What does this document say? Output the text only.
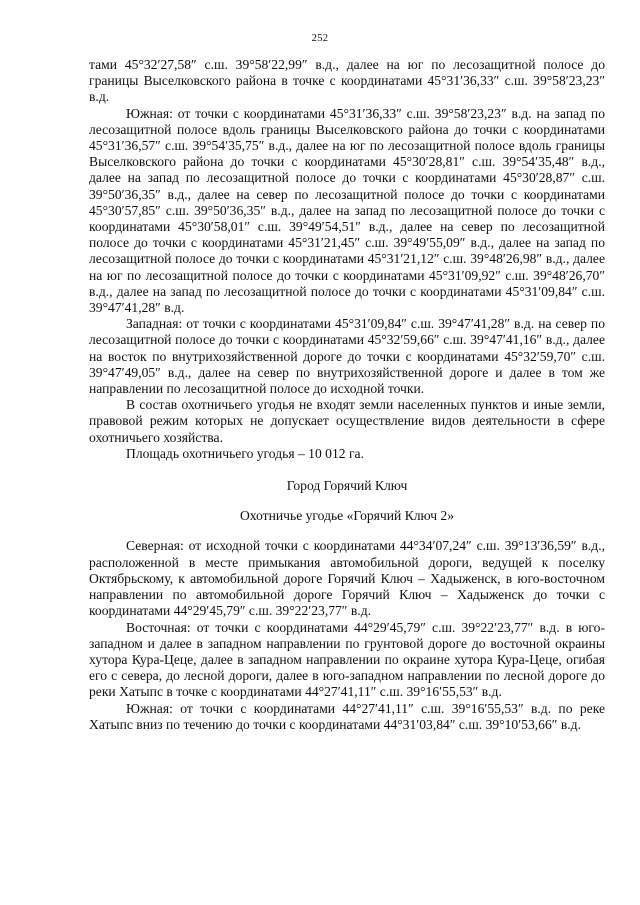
252

тами 45°32′27,58″ с.ш. 39°58′22,99″ в.д., далее на юг по лесозащитной полосе до границы Выселковского района в точке с координатами 45°31′36,33″ с.ш. 39°58′23,23″ в.д.

Южная: от точки с координатами 45°31′36,33″ с.ш. 39°58′23,23″ в.д. на запад по лесозащитной полосе вдоль границы Выселковского района до точки с координатами 45°31′36,57″ с.ш. 39°54′35,75″ в.д., далее на юг по лесозащитной полосе вдоль границы Выселковского района до точки с координатами 45°30′28,81″ с.ш. 39°54′35,48″ в.д., далее на запад по лесозащитной полосе до точки с координатами 45°30′28,87″ с.ш. 39°50′36,35″ в.д., далее на север по лесозащитной полосе до точки с координатами 45°30′57,85″ с.ш. 39°50′36,35″ в.д., далее на запад по лесозащитной полосе до точки с координатами 45°30′58,01″ с.ш. 39°49′54,51″ в.д., далее на север по лесозащитной полосе до точки с координатами 45°31′21,45″ с.ш. 39°49′55,09″ в.д., далее на запад по лесозащитной полосе до точки с координатами 45°31′21,12″ с.ш. 39°48′26,98″ в.д., далее на юг по лесозащитной полосе до точки с координатами 45°31′09,92″ с.ш. 39°48′26,70″ в.д., далее на запад по лесозащитной полосе до точки с координатами 45°31′09,84″ с.ш. 39°47′41,28″ в.д.

Западная: от точки с координатами 45°31′09,84″ с.ш. 39°47′41,28″ в.д. на север по лесозащитной полосе до точки с координатами 45°32′59,66″ с.ш. 39°47′41,16″ в.д., далее на восток по внутрихозяйственной дороге до точки с координатами 45°32′59,70″ с.ш. 39°47′49,05″ в.д., далее на север по внутрихозяйственной дороге и далее в том же направлении по лесозащитной полосе до исходной точки.

В состав охотничьего угодья не входят земли населенных пунктов и иные земли, правовой режим которых не допускает осуществление видов деятельности в сфере охотничьего хозяйства.

Площадь охотничьего угодья – 10 012 га.

Город Горячий Ключ

Охотничье угодье «Горячий Ключ 2»

Северная: от исходной точки с координатами 44°34′07,24″ с.ш. 39°13′36,59″ в.д., расположенной в месте примыкания автомобильной дороги, ведущей к поселку Октябрьскому, к автомобильной дороге Горячий Ключ – Хадыженск, в юго-восточном направлении по автомобильной дороге Горячий Ключ – Хадыженск до точки с координатами 44°29′45,79″ с.ш. 39°22′23,77″ в.д.

Восточная: от точки с координатами 44°29′45,79″ с.ш. 39°22′23,77″ в.д. в юго-западном и далее в западном направлении по грунтовой дороге до восточной окраины хутора Кура-Цеце, далее в западном направлении по окраине хутора Кура-Цеце, огибая его с севера, до лесной дороги, далее в юго-западном направлении по лесной дороге до реки Хатыпс в точке с координатами 44°27′41,11″ с.ш. 39°16′55,53″ в.д.

Южная: от точки с координатами 44°27′41,11″ с.ш. 39°16′55,53″ в.д. по реке Хатыпс вниз по течению до точки с координатами 44°31′03,84″ с.ш. 39°10′53,66″ в.д.
